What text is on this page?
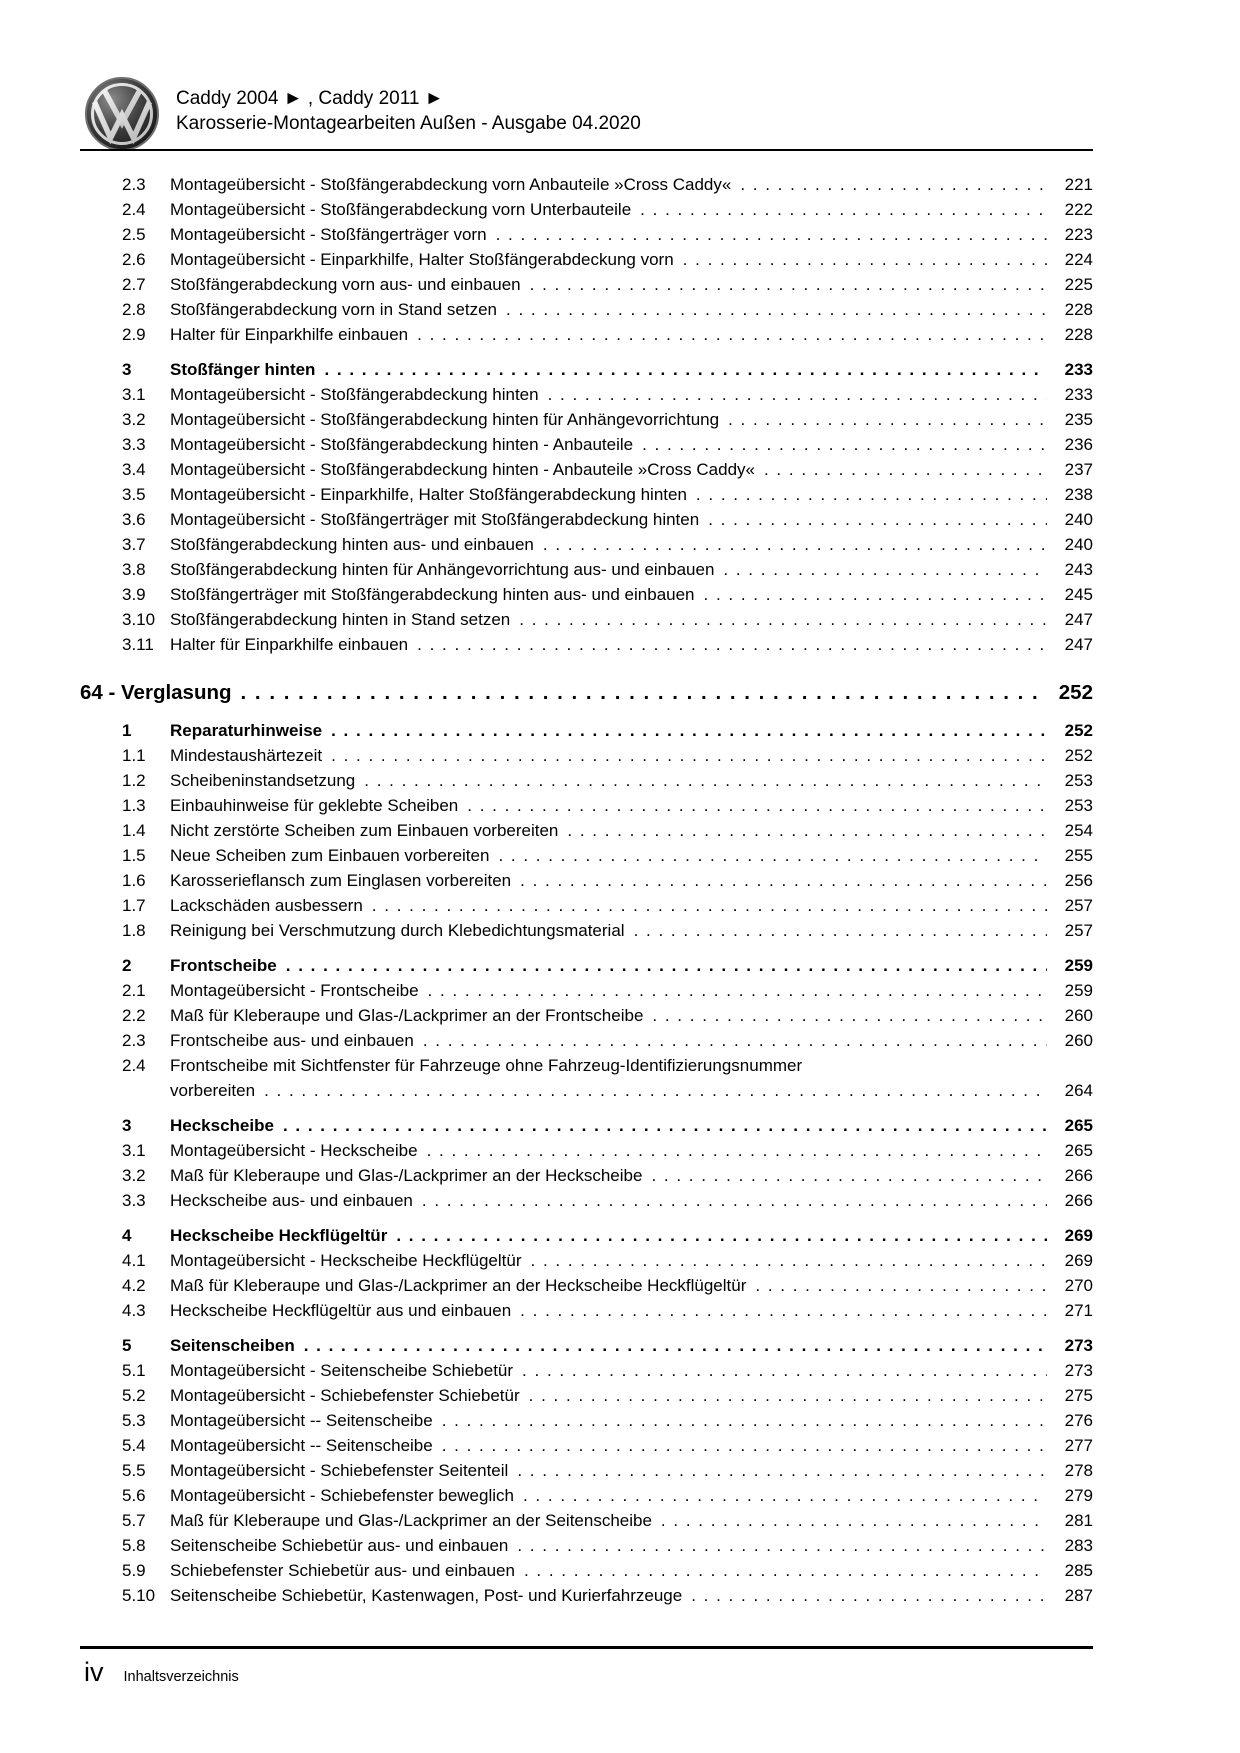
Caddy 2004 ► , Caddy 2011 ►
Karosserie-Montagearbeiten Außen - Ausgabe 04.2020
2.3	Montageübersicht - Stoßfängerabdeckung vorn Anbauteile »Cross Caddy« . . .	221
2.4	Montageübersicht - Stoßfängerabdeckung vorn Unterbauteile . . .	222
2.5	Montageübersicht - Stoßfängerträger vorn . . .	223
2.6	Montageübersicht - Einparkhilfe, Halter Stoßfängerabdeckung vorn . . .	224
2.7	Stoßfängerabdeckung vorn aus- und einbauen . . .	225
2.8	Stoßfängerabdeckung vorn in Stand setzen . . .	228
2.9	Halter für Einparkhilfe einbauen . . .	228
3	Stoßfänger hinten . . .	233
3.1	Montageübersicht - Stoßfängerabdeckung hinten . . .	233
3.2	Montageübersicht - Stoßfängerabdeckung hinten für Anhängevorrichtung . . .	235
3.3	Montageübersicht - Stoßfängerabdeckung hinten - Anbauteile . . .	236
3.4	Montageübersicht - Stoßfängerabdeckung hinten - Anbauteile »Cross Caddy« . . .	237
3.5	Montageübersicht - Einparkhilfe, Halter Stoßfängerabdeckung hinten . . .	238
3.6	Montageübersicht - Stoßfängerträger mit Stoßfängerabdeckung hinten . . .	240
3.7	Stoßfängerabdeckung hinten aus- und einbauen . . .	240
3.8	Stoßfängerabdeckung hinten für Anhängevorrichtung aus- und einbauen . . .	243
3.9	Stoßfängerträger mit Stoßfängerabdeckung hinten aus- und einbauen . . .	245
3.10 Stoßfängerabdeckung hinten in Stand setzen . . .	247
3.11 Halter für Einparkhilfe einbauen . . .	247
64 - Verglasung . . .	252
1	Reparaturhinweise . . .	252
1.1	Mindestaushärtezeit . . .	252
1.2	Scheibeninstandsetzung . . .	253
1.3	Einbauhinweise für geklebte Scheiben . . .	253
1.4	Nicht zerstörte Scheiben zum Einbauen vorbereiten . . .	254
1.5	Neue Scheiben zum Einbauen vorbereiten . . .	255
1.6	Karosserieflansch zum Einglasen vorbereiten . . .	256
1.7	Lackschäden ausbessern . . .	257
1.8	Reinigung bei Verschmutzung durch Klebedichtungsmaterial . . .	257
2	Frontscheibe . . .	259
2.1	Montageübersicht - Frontscheibe . . .	259
2.2	Maß für Kleberaupe und Glas-/Lackprimer an der Frontscheibe . . .	260
2.3	Frontscheibe aus- und einbauen . . .	260
2.4	Frontscheibe mit Sichtfenster für Fahrzeuge ohne Fahrzeug-Identifizierungsnummer
vorbereiten . . .	264
3	Heckscheibe . . .	265
3.1	Montageübersicht - Heckscheibe . . .	265
3.2	Maß für Kleberaupe und Glas-/Lackprimer an der Heckscheibe . . .	266
3.3	Heckscheibe aus- und einbauen . . .	266
4	Heckscheibe Heckflügeltür . . .	269
4.1	Montageübersicht - Heckscheibe Heckflügeltür . . .	269
4.2	Maß für Kleberaupe und Glas-/Lackprimer an der Heckscheibe Heckflügeltür . . .	270
4.3	Heckscheibe Heckflügeltür aus und einbauen . . .	271
5	Seitenscheiben . . .	273
5.1	Montageübersicht - Seitenscheibe Schiebetür . . .	273
5.2	Montageübersicht - Schiebefenster Schiebetür . . .	275
5.3	Montageübersicht -- Seitenscheibe . . .	276
5.4	Montageübersicht -- Seitenscheibe . . .	277
5.5	Montageübersicht - Schiebefenster Seitenteil . . .	278
5.6	Montageübersicht - Schiebefenster beweglich . . .	279
5.7	Maß für Kleberaupe und Glas-/Lackprimer an der Seitenscheibe . . .	281
5.8	Seitenscheibe Schiebetür aus- und einbauen . . .	283
5.9	Schiebefenster Schiebetür aus- und einbauen . . .	285
5.10 Seitenscheibe Schiebetür, Kastenwagen, Post- und Kurierfahrzeuge . . .	287
iv Inhaltsverzeichnis
